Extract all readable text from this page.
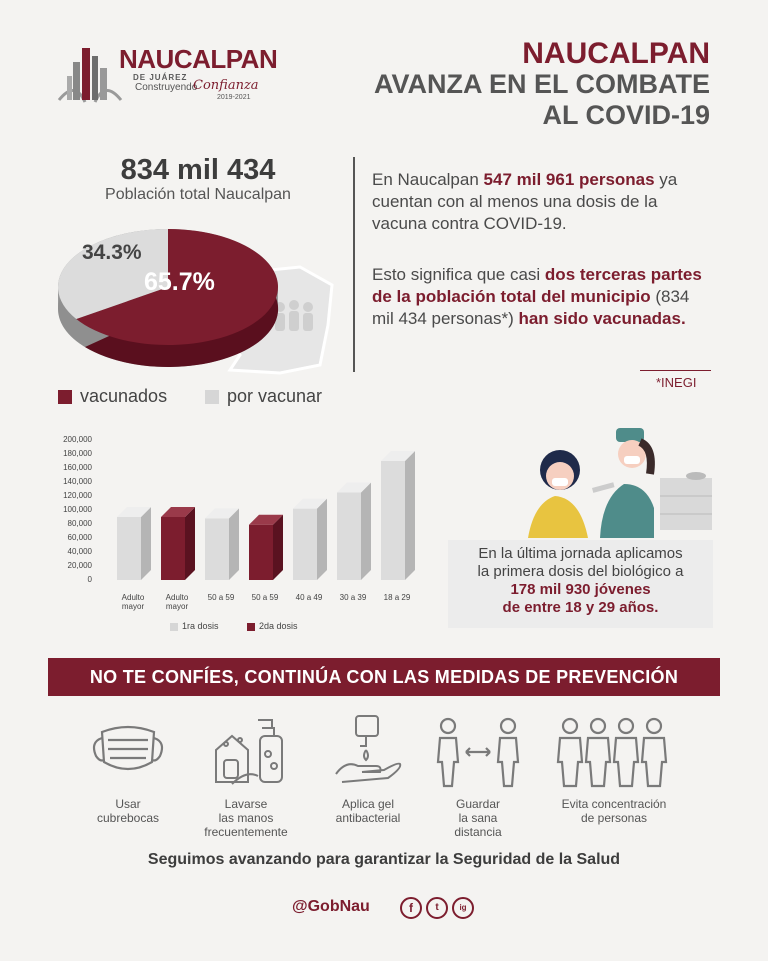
NAUCALPAN
DE JUÁREZ
Construyendo
Confianza
2019-2021
NAUCALPAN
AVANZA EN EL COMBATE
AL COVID-19
834 mil 434
Población total Naucalpan
34.3%
65.7%
vacunados	por vacunar
En Naucalpan 547 mil 961 personas ya cuentan con al menos una dosis de la vacuna contra COVID-19.
Esto significa que casi dos terceras partes de la población total del municipio (834 mil 434 personas*) han sido vacunadas.
*INEGI
200,000
180,000
160,000
140,000
120,000
100,000
80,000
60,000
40,000
20,000
0
Adulto mayor
Adulto mayor
50 a 59 50 a 59 40 a 49 30 a 39 18 a 29
1ra dosis	2da dosis
En la última jornada aplicamos
la primera dosis del biológico a
178 mil 930 jóvenes
de entre 18 y 29 años.
NO TE CONFÍES, CONTINÚA CON LAS MEDIDAS DE PREVENCIÓN
Usar
cubrebocas
Lavarse
las manos
frecuentemente
Aplica gel
antibacterial
Guardar
la sana
distancia
Evita concentración
de personas
Seguimos avanzando para garantizar la Seguridad de la Salud
@GobNau	f	t	ig
